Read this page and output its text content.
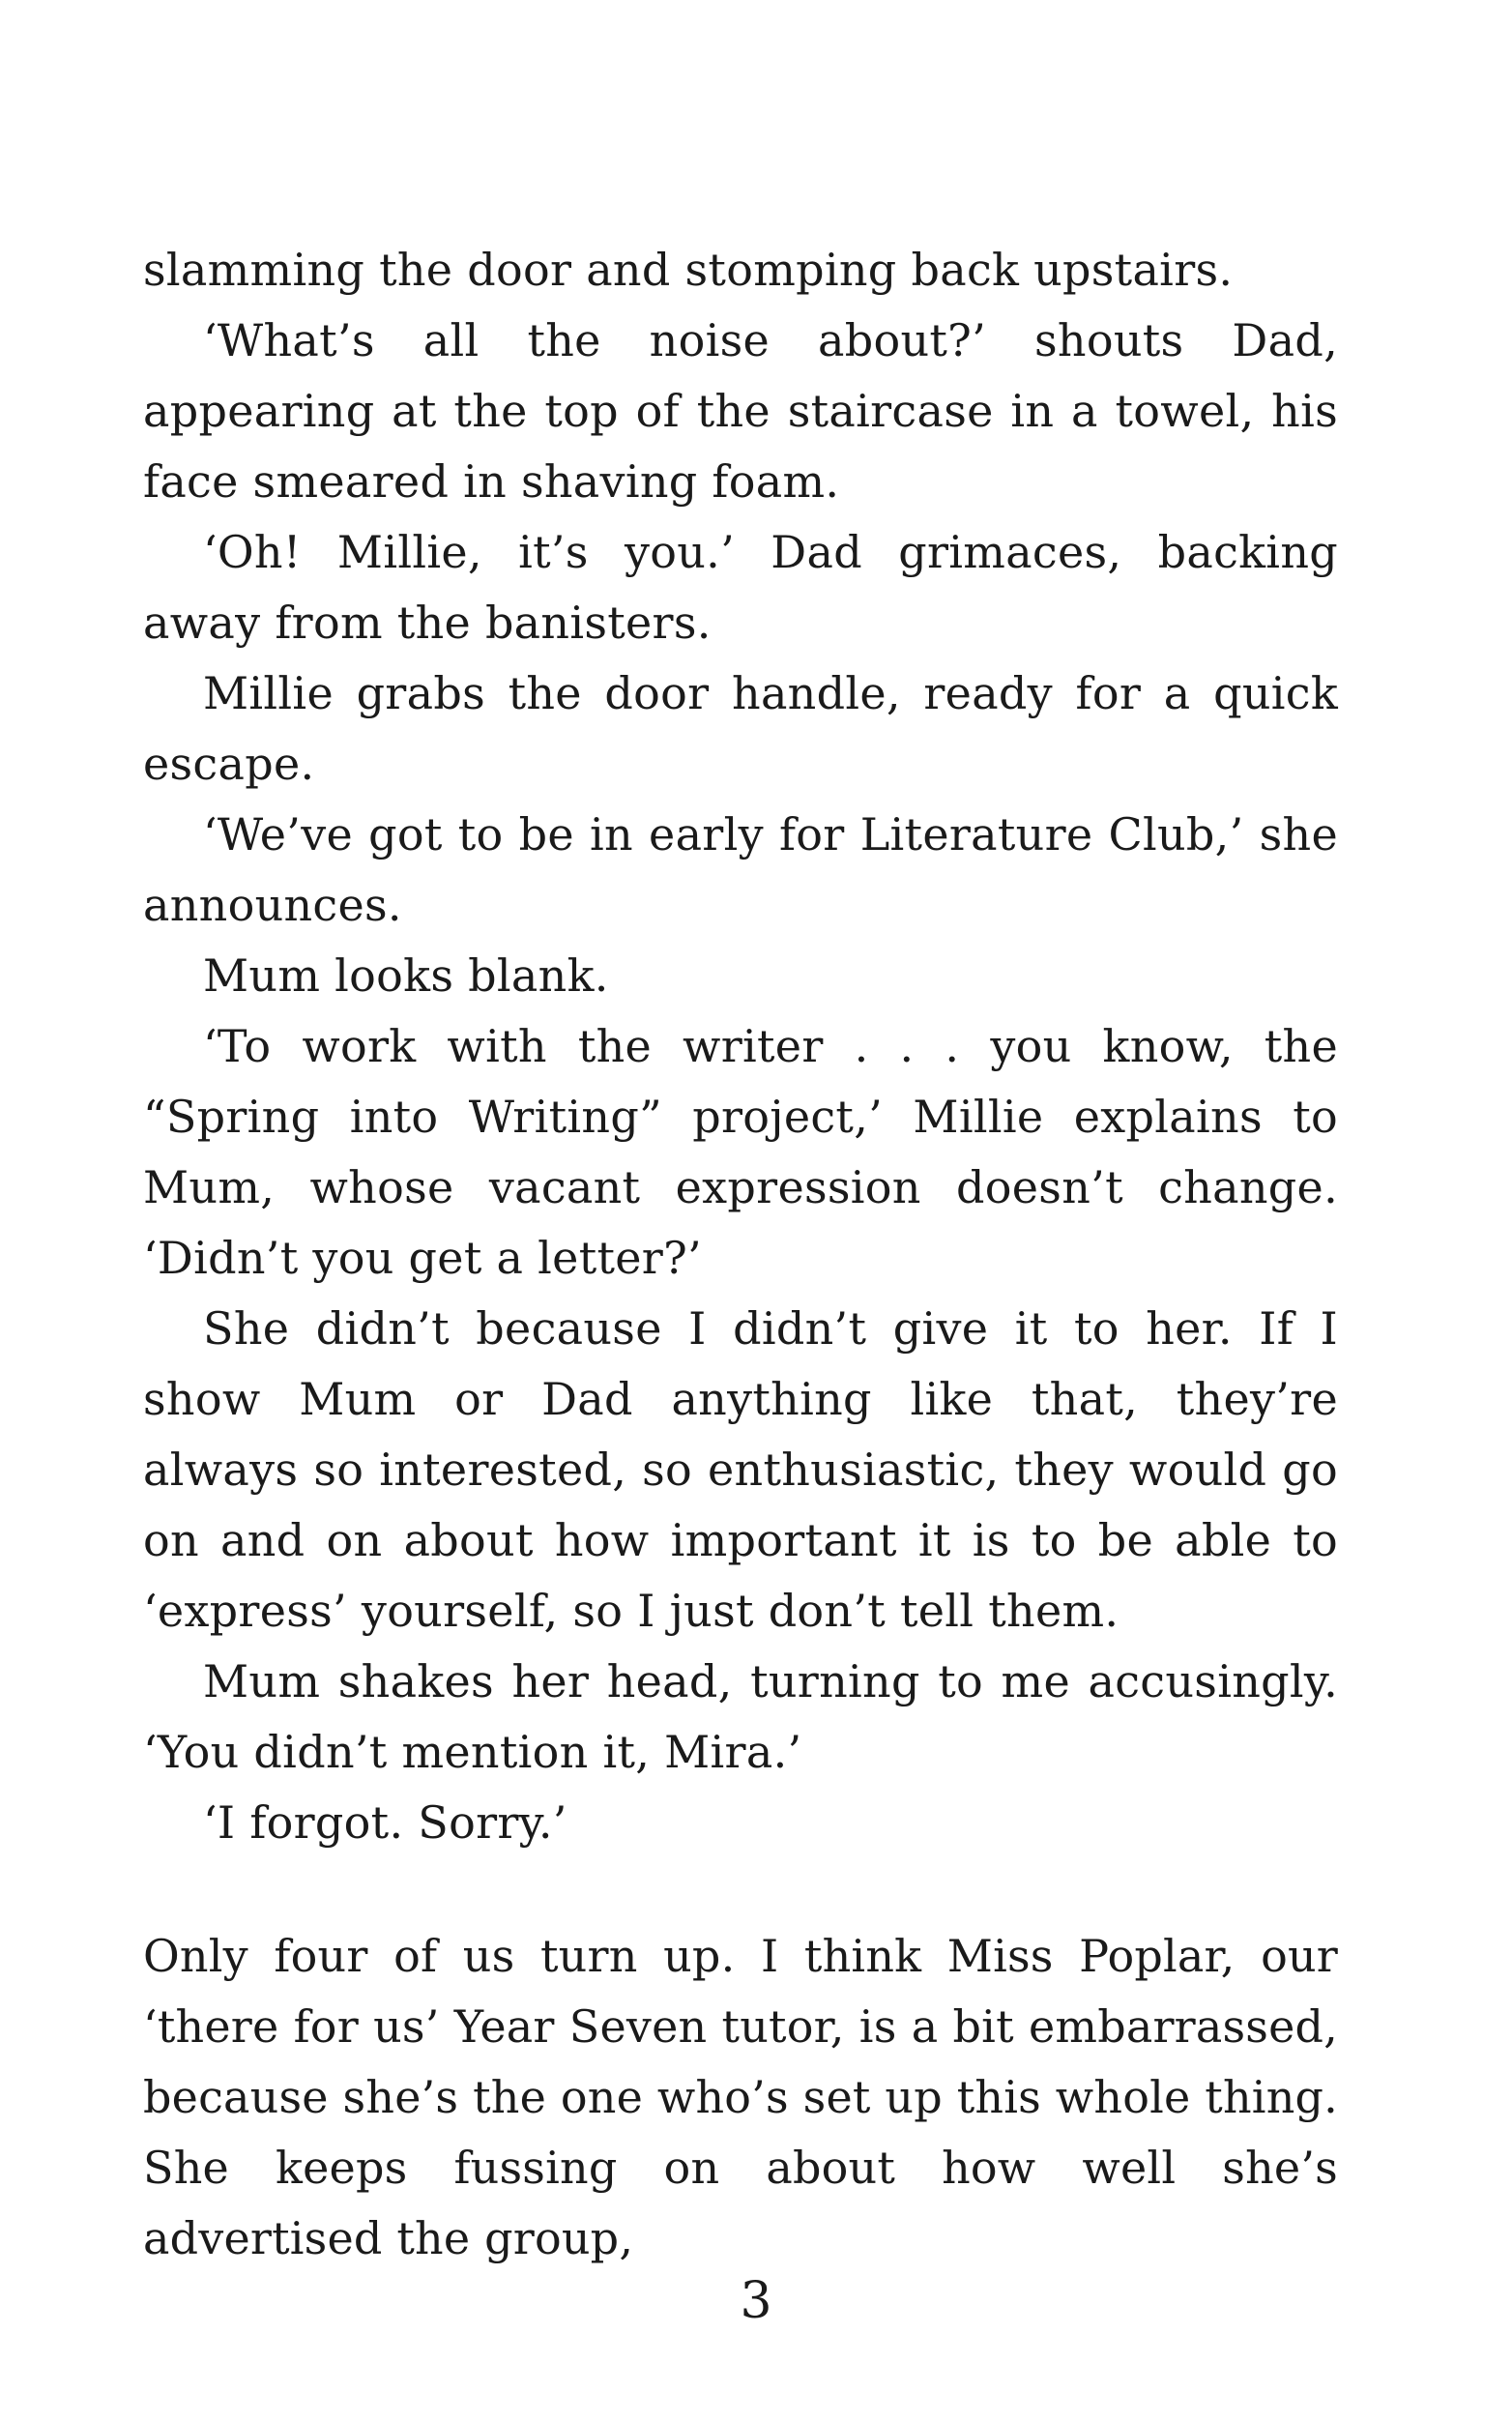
slamming the door and stomping back upstairs.

‘What’s all the noise about?’ shouts Dad, appearing at the top of the staircase in a towel, his face smeared in shaving foam.

‘Oh! Millie, it’s you.’ Dad grimaces, backing away from the banisters.

Millie grabs the door handle, ready for a quick escape.

‘We’ve got to be in early for Literature Club,’ she announces.

Mum looks blank.

‘To work with the writer . . . you know, the “Spring into Writing” project,’ Millie explains to Mum, whose vacant expression doesn’t change. ‘Didn’t you get a letter?’

She didn’t because I didn’t give it to her. If I show Mum or Dad anything like that, they’re always so interested, so enthusiastic, they would go on and on about how important it is to be able to ‘express’ yourself, so I just don’t tell them.

Mum shakes her head, turning to me accusingly. ‘You didn’t mention it, Mira.’

‘I forgot. Sorry.’

Only four of us turn up. I think Miss Poplar, our ‘there for us’ Year Seven tutor, is a bit embarrassed, because she’s the one who’s set up this whole thing. She keeps fussing on about how well she’s advertised the group,

3
